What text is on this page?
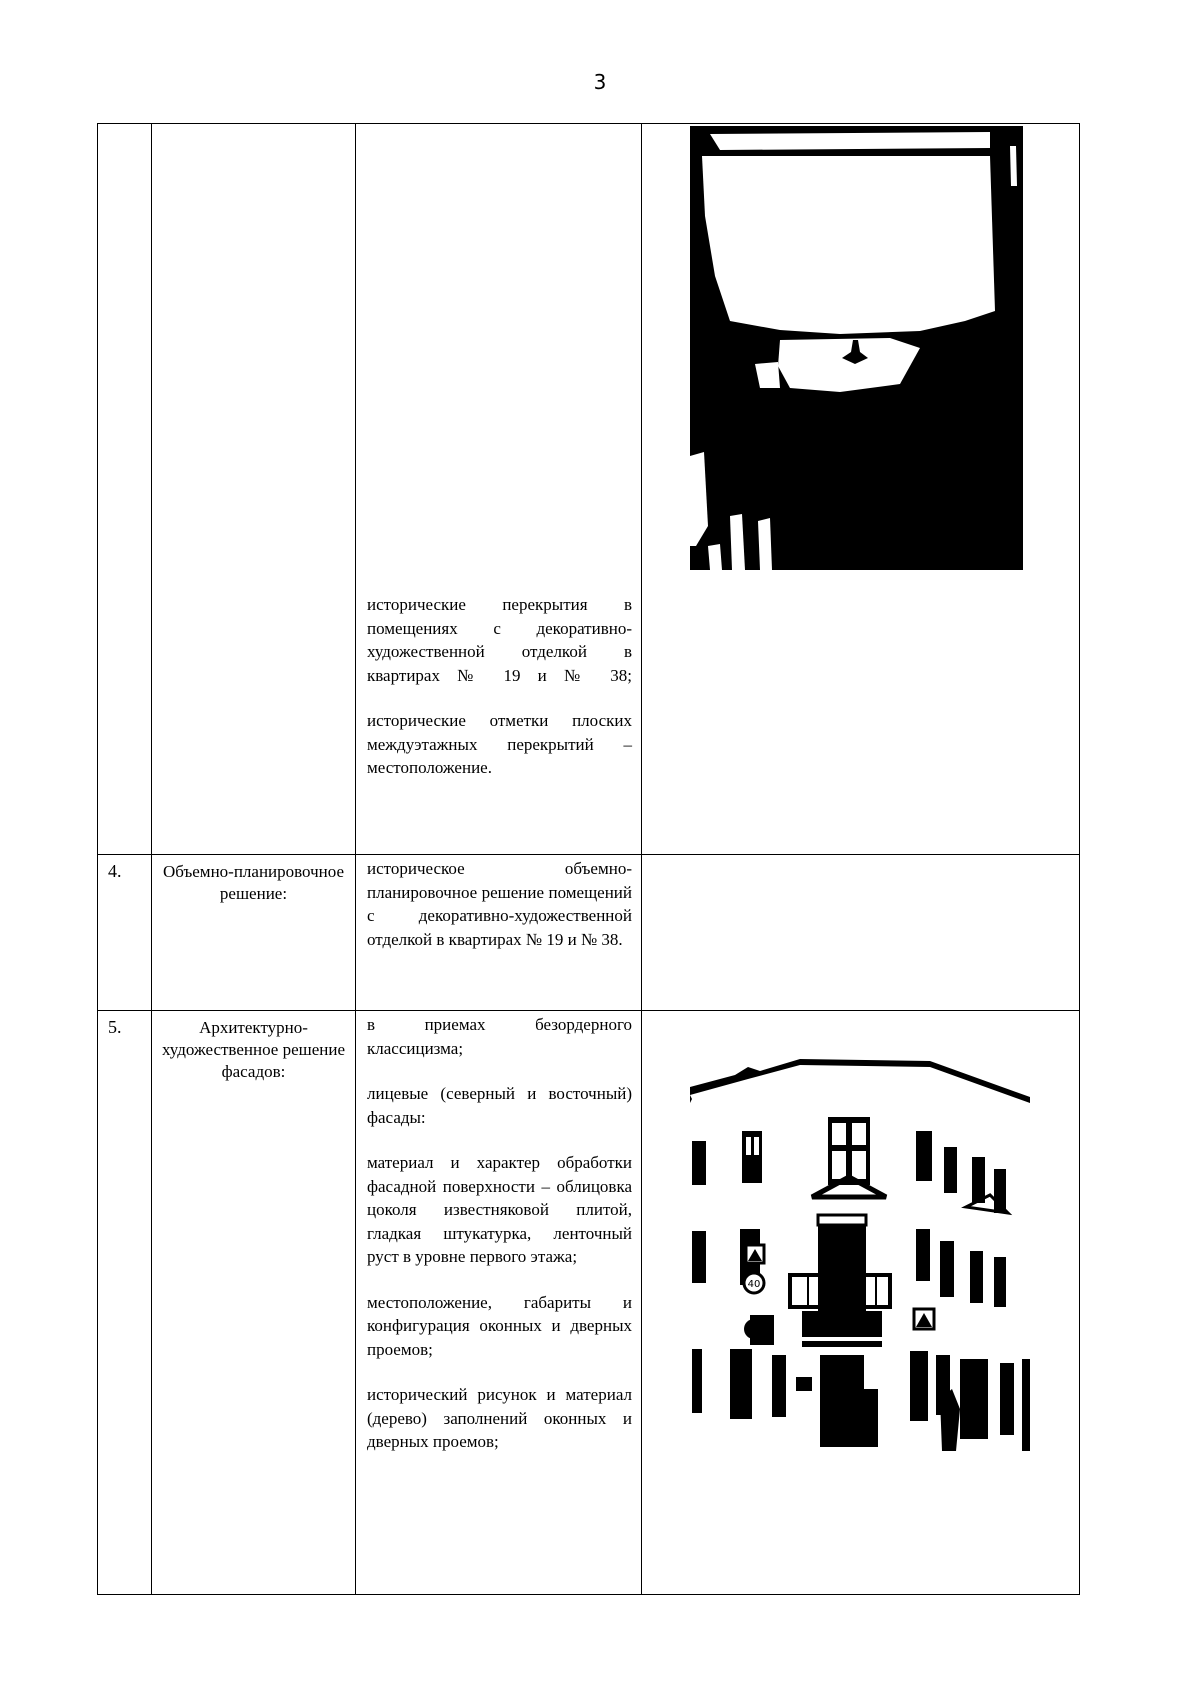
3

		исторические перекрытия в помещениях с декоративно-художественной отделкой в квартирах № 19 и № 38;

исторические отметки плоских междуэтажных перекрытий – местоположение.

4.	Объемно-планировочное решение:	историческое объемно-планировочное решение помещений с декоративно-художественной отделкой в квартирах № 19 и № 38.	

5.	Архитектурно-художественное решение фасадов:	в приемах безордерного классицизма;

лицевые (северный и восточный) фасады:

материал и характер обработки фасадной поверхности – облицовка цоколя известняковой плитой, гладкая штукатурка, ленточный руст в уровне первого этажа;

местоположение, габариты и конфигурация оконных и дверных проемов;

исторический рисунок и материал (дерево) заполнений оконных и дверных проемов;	40
